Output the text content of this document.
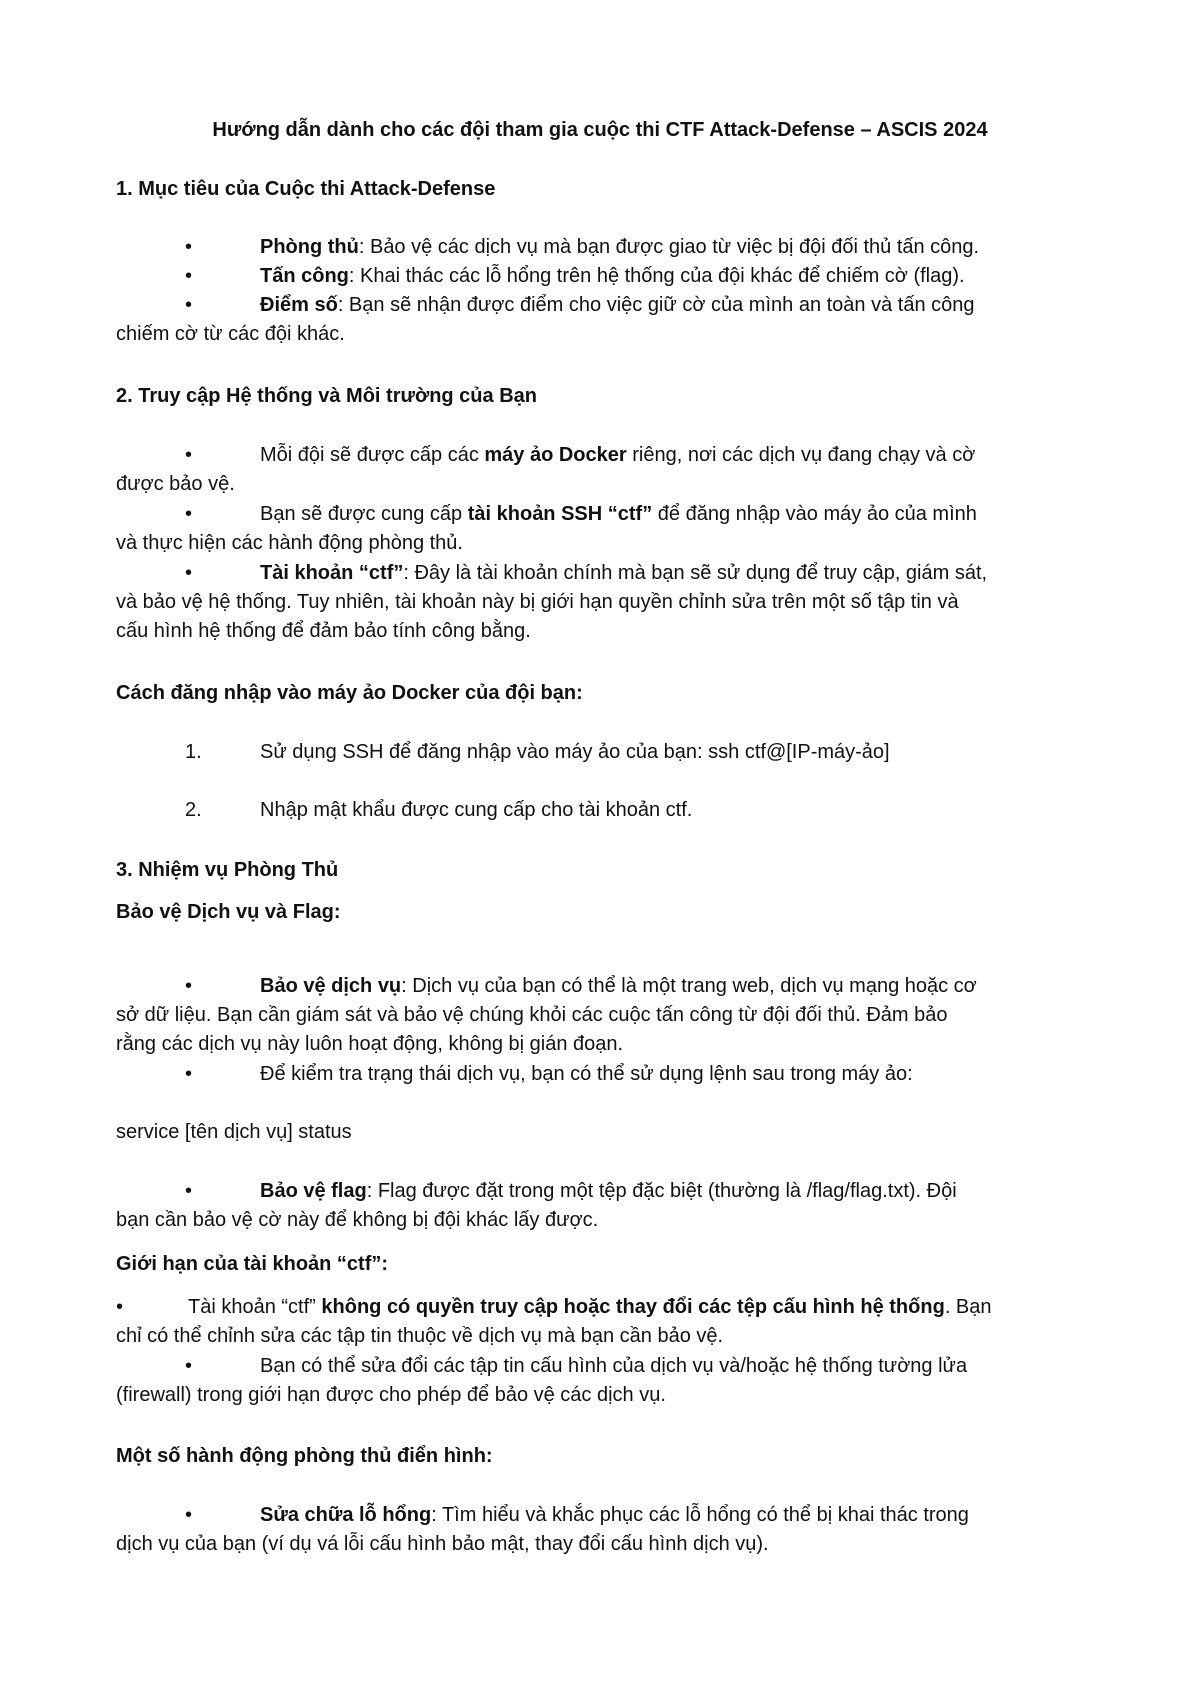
Hướng dẫn dành cho các đội tham gia cuộc thi CTF Attack-Defense – ASCIS 2024
1. Mục tiêu của Cuộc thi Attack-Defense
•	Phòng thủ: Bảo vệ các dịch vụ mà bạn được giao từ việc bị đội đối thủ tấn công.
•	Tấn công: Khai thác các lỗ hổng trên hệ thống của đội khác để chiếm cờ (flag).
•	Điểm số: Bạn sẽ nhận được điểm cho việc giữ cờ của mình an toàn và tấn công
chiếm cờ từ các đội khác.
2. Truy cập Hệ thống và Môi trường của Bạn
•	Mỗi đội sẽ được cấp các máy ảo Docker riêng, nơi các dịch vụ đang chạy và cờ
được bảo vệ.
•	Bạn sẽ được cung cấp tài khoản SSH “ctf” để đăng nhập vào máy ảo của mình
và thực hiện các hành động phòng thủ.
•	Tài khoản “ctf”: Đây là tài khoản chính mà bạn sẽ sử dụng để truy cập, giám sát,
và bảo vệ hệ thống. Tuy nhiên, tài khoản này bị giới hạn quyền chỉnh sửa trên một số tập tin và
cấu hình hệ thống để đảm bảo tính công bằng.
Cách đăng nhập vào máy ảo Docker của đội bạn:
1.	Sử dụng SSH để đăng nhập vào máy ảo của bạn: ssh ctf@[IP-máy-ảo]
2.	Nhập mật khẩu được cung cấp cho tài khoản ctf.
3. Nhiệm vụ Phòng Thủ
Bảo vệ Dịch vụ và Flag:
•	Bảo vệ dịch vụ: Dịch vụ của bạn có thể là một trang web, dịch vụ mạng hoặc cơ
sở dữ liệu. Bạn cần giám sát và bảo vệ chúng khỏi các cuộc tấn công từ đội đối thủ. Đảm bảo
rằng các dịch vụ này luôn hoạt động, không bị gián đoạn.
•	Để kiểm tra trạng thái dịch vụ, bạn có thể sử dụng lệnh sau trong máy ảo:
service [tên dịch vụ] status
•	Bảo vệ flag: Flag được đặt trong một tệp đặc biệt (thường là /flag/flag.txt). Đội
bạn cần bảo vệ cờ này để không bị đội khác lấy được.
Giới hạn của tài khoản “ctf”:
•	Tài khoản “ctf” không có quyền truy cập hoặc thay đổi các tệp cấu hình hệ thống. Bạn
chỉ có thể chỉnh sửa các tập tin thuộc về dịch vụ mà bạn cần bảo vệ.
•	Bạn có thể sửa đổi các tập tin cấu hình của dịch vụ và/hoặc hệ thống tường lửa
(firewall) trong giới hạn được cho phép để bảo vệ các dịch vụ.
Một số hành động phòng thủ điển hình:
•	Sửa chữa lỗ hổng: Tìm hiểu và khắc phục các lỗ hổng có thể bị khai thác trong
dịch vụ của bạn (ví dụ vá lỗi cấu hình bảo mật, thay đổi cấu hình dịch vụ).
